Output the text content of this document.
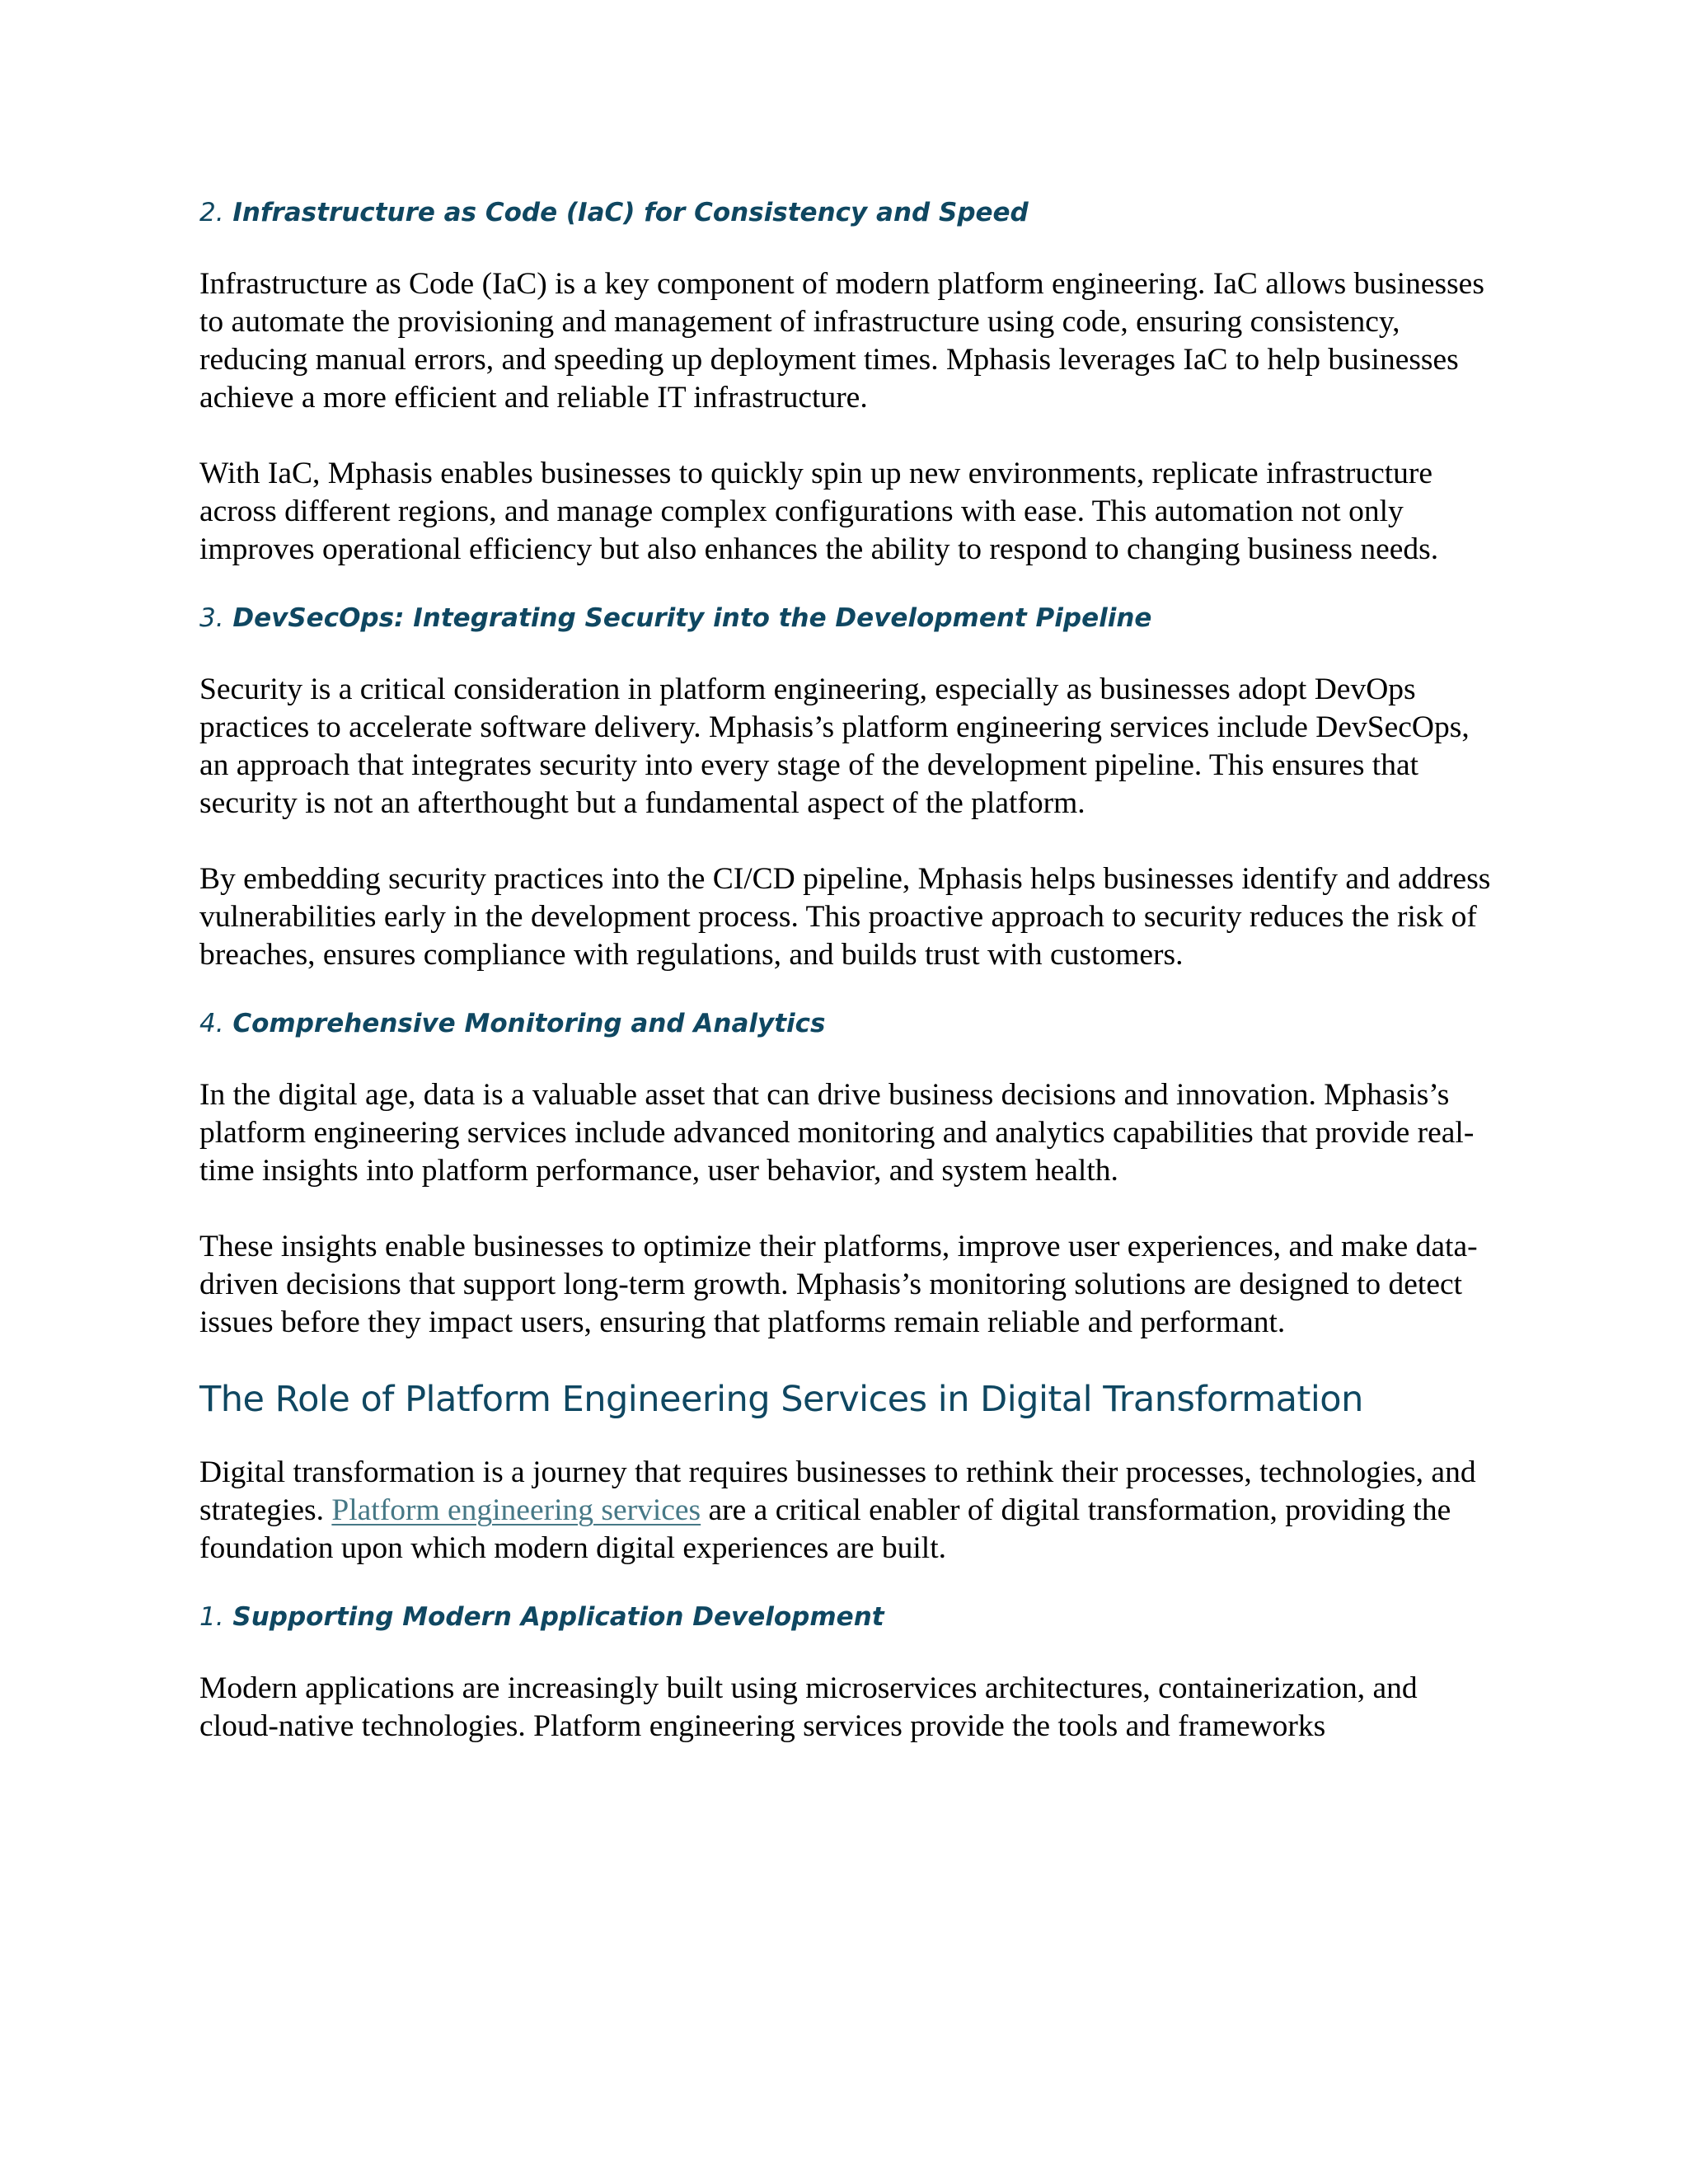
2. Infrastructure as Code (IaC) for Consistency and Speed

Infrastructure as Code (IaC) is a key component of modern platform engineering. IaC allows businesses to automate the provisioning and management of infrastructure using code, ensuring consistency, reducing manual errors, and speeding up deployment times. Mphasis leverages IaC to help businesses achieve a more efficient and reliable IT infrastructure.

With IaC, Mphasis enables businesses to quickly spin up new environments, replicate infrastructure across different regions, and manage complex configurations with ease. This automation not only improves operational efficiency but also enhances the ability to respond to changing business needs.

3. DevSecOps: Integrating Security into the Development Pipeline

Security is a critical consideration in platform engineering, especially as businesses adopt DevOps practices to accelerate software delivery. Mphasis’s platform engineering services include DevSecOps, an approach that integrates security into every stage of the development pipeline. This ensures that security is not an afterthought but a fundamental aspect of the platform.

By embedding security practices into the CI/CD pipeline, Mphasis helps businesses identify and address vulnerabilities early in the development process. This proactive approach to security reduces the risk of breaches, ensures compliance with regulations, and builds trust with customers.

4. Comprehensive Monitoring and Analytics

In the digital age, data is a valuable asset that can drive business decisions and innovation. Mphasis’s platform engineering services include advanced monitoring and analytics capabilities that provide real-time insights into platform performance, user behavior, and system health.

These insights enable businesses to optimize their platforms, improve user experiences, and make data-driven decisions that support long-term growth. Mphasis’s monitoring solutions are designed to detect issues before they impact users, ensuring that platforms remain reliable and performant.

The Role of Platform Engineering Services in Digital Transformation

Digital transformation is a journey that requires businesses to rethink their processes, technologies, and strategies. Platform engineering services are a critical enabler of digital transformation, providing the foundation upon which modern digital experiences are built.

1. Supporting Modern Application Development

Modern applications are increasingly built using microservices architectures, containerization, and cloud-native technologies. Platform engineering services provide the tools and frameworks
